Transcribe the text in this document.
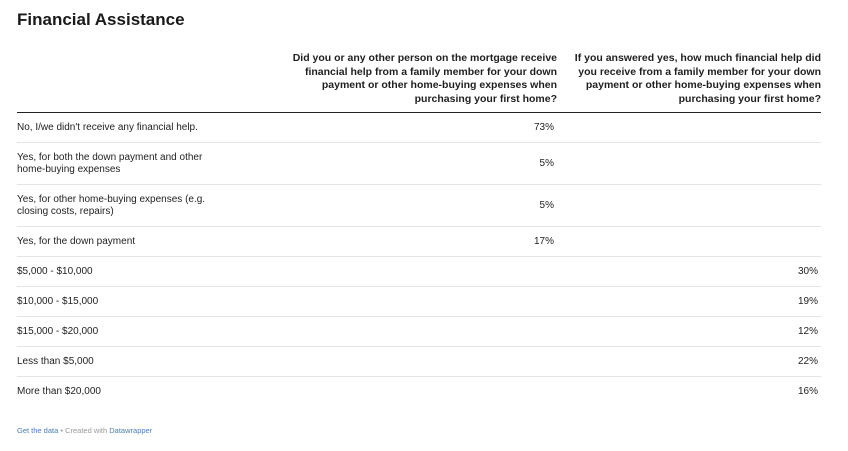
Financial Assistance
	Did you or any other person on the mortgage receive financial help from a family member for your down payment or other home-buying expenses when purchasing your first home?	If you answered yes, how much financial help did you receive from a family member for your down payment or other home-buying expenses when purchasing your first home?
No, I/we didn't receive any financial help.	73%	
Yes, for both the down payment and other home-buying expenses	5%	
Yes, for other home-buying expenses (e.g. closing costs, repairs)	5%	
Yes, for the down payment	17%	
$5,000 - $10,000		30%
$10,000 - $15,000		19%
$15,000 - $20,000		12%
Less than $5,000		22%
More than $20,000		16%
Get the data • Created with Datawrapper
